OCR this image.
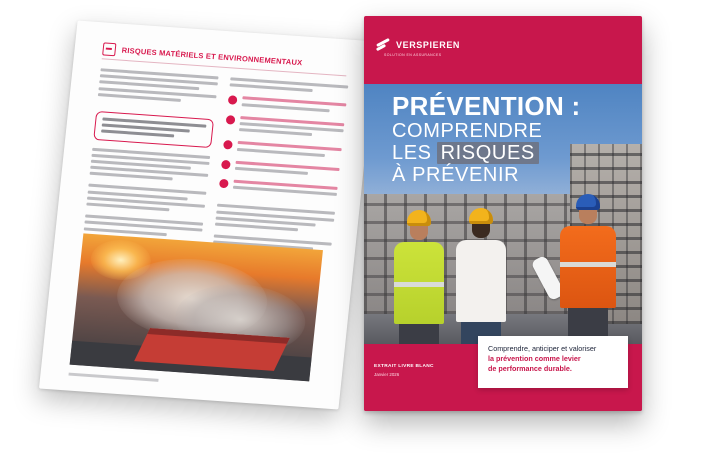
RISQUES MATÉRIELS ET ENVIRONNEMENTAUX
VERSPIEREN
SOLUTION EN ASSURANCES
PRÉVENTION :
COMPRENDRE
LES RISQUES
À PRÉVENIR
EXTRAIT LIVRE BLANC
Janvier 2026
Comprendre, anticiper et valoriser
la prévention comme levier
de performance durable.
